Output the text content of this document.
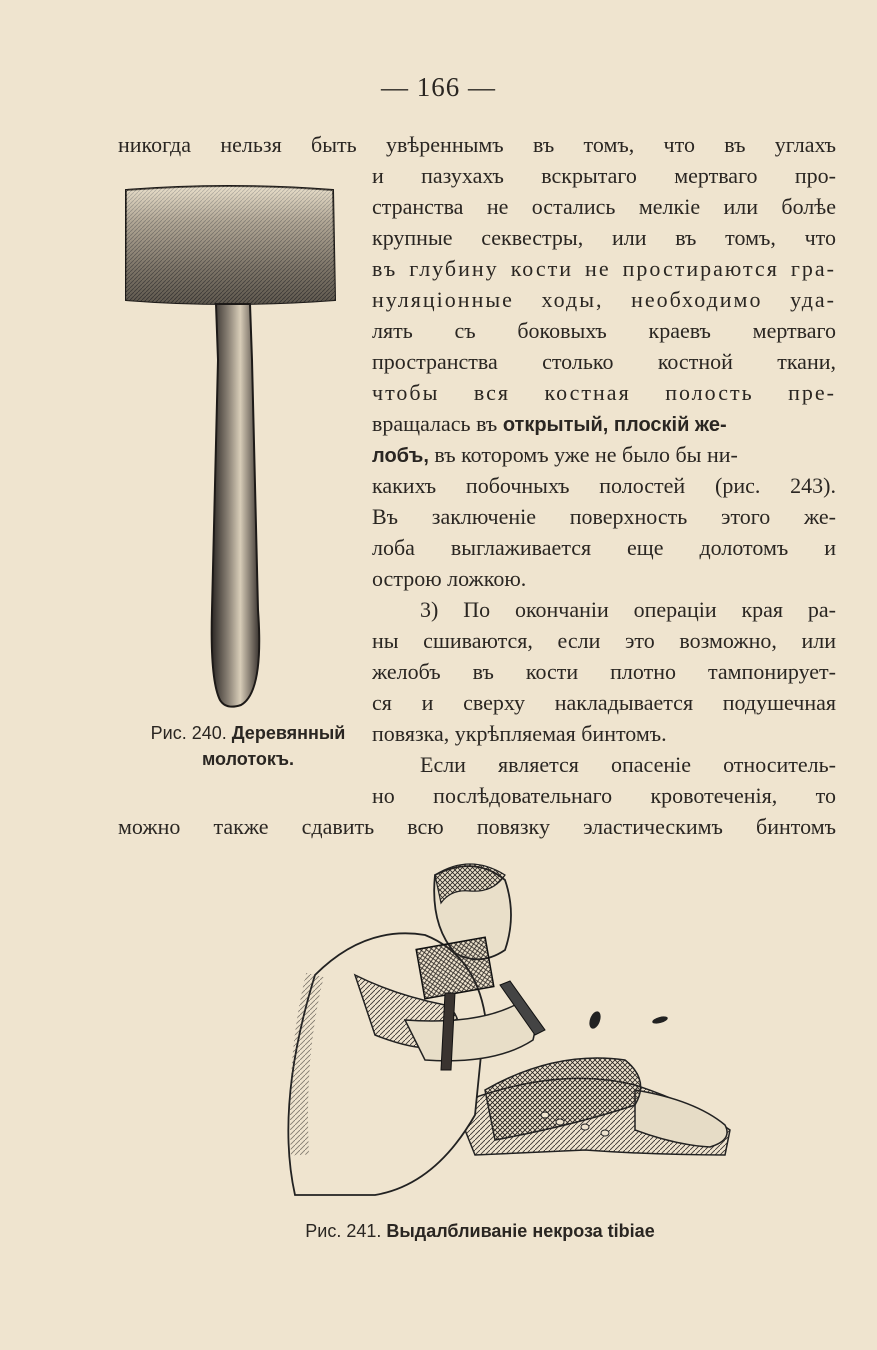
— 166 —
никогда нельзя быть увѣреннымъ въ томъ, что въ углахъ
и пазухахъ вскрытаго мертваго про-
странства не остались мелкіе или болѣе
крупные секвестры, или въ томъ, что
въ глубину кости не простираются гра-
нуляціонные ходы, необходимо уда-
лять съ боковыхъ краевъ мертваго
пространства столько костной ткани,
чтобы вся костная полость пре-
вращалась въ открытый, плоскій же-
лобъ, въ которомъ уже не было бы ни-
какихъ побочныхъ полостей (рис. 243).
Въ заключеніе поверхность этого же-
лоба выглаживается еще долотомъ и
острою ложкою.
3) По окончаніи операціи края ра-
ны сшиваются, если это возможно, или
желобъ въ кости плотно тампонирует-
ся и сверху накладывается подушечная
повязка, укрѣпляемая бинтомъ.
Если является опасеніе относитель-
но послѣдовательнаго кровотеченія, то
можно также сдавить всю повязку эластическимъ бинтомъ
Рис. 240. Деревянный
молотокъ.
Рис. 241. Выдалбливаніе некроза tibiae
